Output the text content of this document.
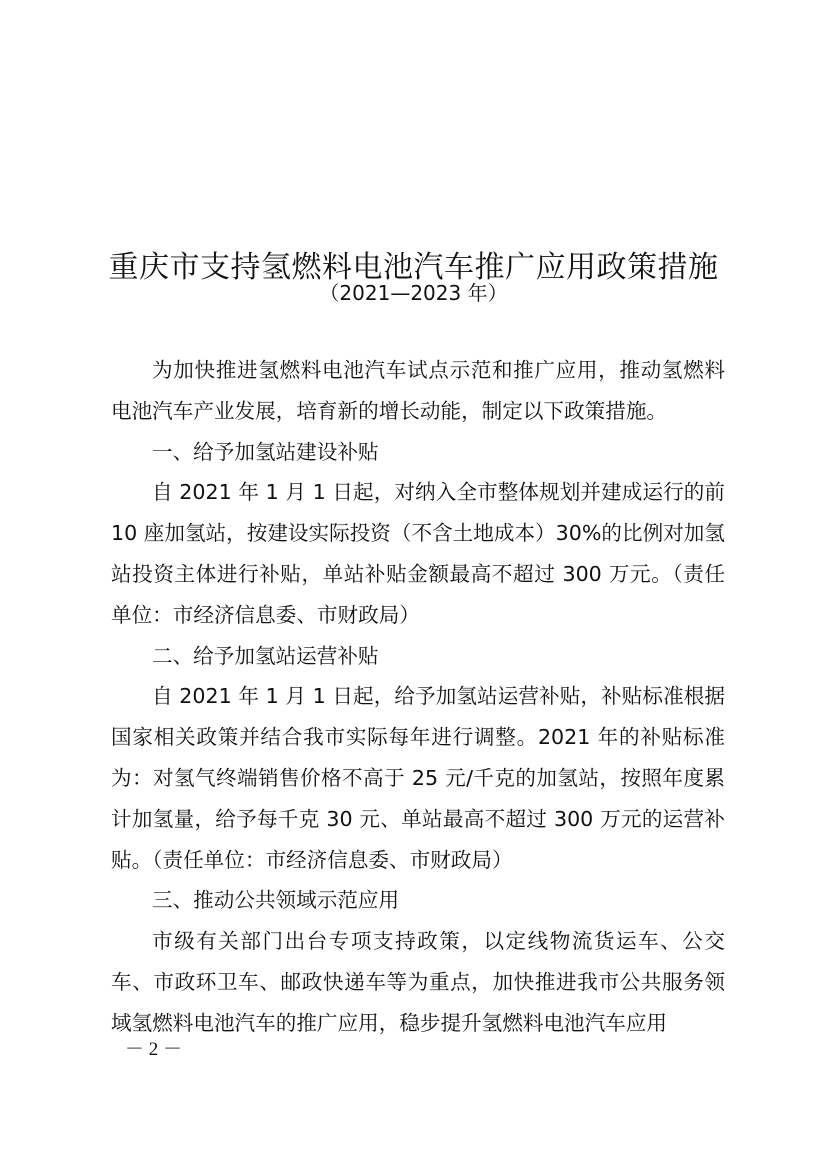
重庆市支持氢燃料电池汽车推广应用政策措施
（2021—2023 年）

为加快推进氢燃料电池汽车试点示范和推广应用，推动氢燃料电池汽车产业发展，培育新的增长动能，制定以下政策措施。

一、给予加氢站建设补贴

自 2021 年 1 月 1 日起，对纳入全市整体规划并建成运行的前 10 座加氢站，按建设实际投资（不含土地成本）30%的比例对加氢站投资主体进行补贴，单站补贴金额最高不超过 300 万元。（责任单位：市经济信息委、市财政局）

二、给予加氢站运营补贴

自 2021 年 1 月 1 日起，给予加氢站运营补贴，补贴标准根据国家相关政策并结合我市实际每年进行调整。2021 年的补贴标准为：对氢气终端销售价格不高于 25 元/千克的加氢站，按照年度累计加氢量，给予每千克 30 元、单站最高不超过 300 万元的运营补贴。（责任单位：市经济信息委、市财政局）

三、推动公共领域示范应用

市级有关部门出台专项支持政策，以定线物流货运车、公交车、市政环卫车、邮政快递车等为重点，加快推进我市公共服务领域氢燃料电池汽车的推广应用，稳步提升氢燃料电池汽车应用

－ 2 －
